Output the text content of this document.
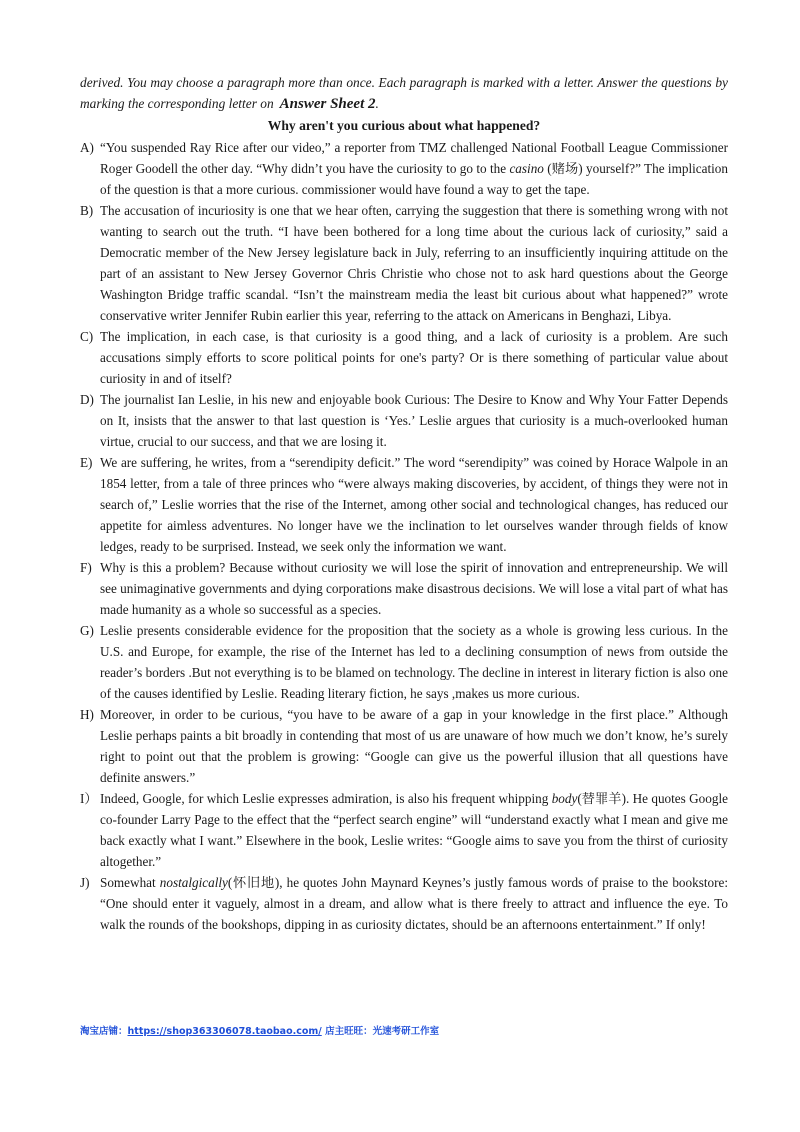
derived. You may choose a paragraph more than once. Each paragraph is marked with a letter. Answer the questions by marking the corresponding letter on Answer Sheet 2.

Why aren't you curious about what happened?

A) “You suspended Ray Rice after our video,” a reporter from TMZ challenged National Football League Commissioner Roger Goodell the other day. “Why didn’t you have the curiosity to go to the casino (赌场) yourself?” The implication of the question is that a more curious. commissioner would have found a way to get the tape.

B) The accusation of incuriosity is one that we hear often, carrying the suggestion that there is something wrong with not wanting to search out the truth. “I have been bothered for a long time about the curious lack of curiosity,” said a Democratic member of the New Jersey legislature back in July, referring to an insufficiently inquiring attitude on the part of an assistant to New Jersey Governor Chris Christie who chose not to ask hard questions about the George Washington Bridge traffic scandal. “Isn’t the mainstream media the least bit curious about what happened?” wrote conservative writer Jennifer Rubin earlier this year, referring to the attack on Americans in Benghazi, Libya.

C) The implication, in each case, is that curiosity is a good thing, and a lack of curiosity is a problem. Are such accusations simply efforts to score political points for one's party? Or is there something of particular value about curiosity in and of itself?

D) The journalist Ian Leslie, in his new and enjoyable book Curious: The Desire to Know and Why Your Fatter Depends on It, insists that the answer to that last question is ‘Yes.’ Leslie argues that curiosity is a much-overlooked human virtue, crucial to our success, and that we are losing it.

E) We are suffering, he writes, from a “serendipity deficit.” The word “serendipity” was coined by Horace Walpole in an 1854 letter, from a tale of three princes who “were always making discoveries, by accident, of things they were not in search of,” Leslie worries that the rise of the Internet, among other social and technological changes, has reduced our appetite for aimless adventures. No longer have we the inclination to let ourselves wander through fields of know ledges, ready to be surprised. Instead, we seek only the information we want.

F) Why is this a problem? Because without curiosity we will lose the spirit of innovation and entrepreneurship. We will see unimaginative governments and dying corporations make disastrous decisions. We will lose a vital part of what has made humanity as a whole so successful as a species.

G) Leslie presents considerable evidence for the proposition that the society as a whole is growing less curious. In the U.S. and Europe, for example, the rise of the Internet has led to a declining consumption of news from outside the reader’s borders .But not everything is to be blamed on technology. The decline in interest in literary fiction is also one of the causes identified by Leslie. Reading literary fiction, he says ,makes us more curious.

H) Moreover, in order to be curious, “you have to be aware of a gap in your knowledge in the first place.” Although Leslie perhaps paints a bit broadly in contending that most of us are unaware of how much we don’t know, he’s surely right to point out that the problem is growing: “Google can give us the powerful illusion that all questions have definite answers.”

I） Indeed, Google, for which Leslie expresses admiration, is also his frequent whipping body(替罪羊). He quotes Google co-founder Larry Page to the effect that the “perfect search engine” will “understand exactly what I mean and give me back exactly what I want.” Elsewhere in the book, Leslie writes: “Google aims to save you from the thirst of curiosity altogether.”

J) Somewhat nostalgically(怀旧地), he quotes John Maynard Keynes’s justly famous words of praise to the bookstore: “One should enter it vaguely, almost in a dream, and allow what is there freely to attract and influence the eye. To walk the rounds of the bookshops, dipping in as curiosity dictates, should be an afternoons entertainment.” If only!

淘宝店铺：https://shop363306078.taobao.com/ 店主旺旺：光速考研工作室
